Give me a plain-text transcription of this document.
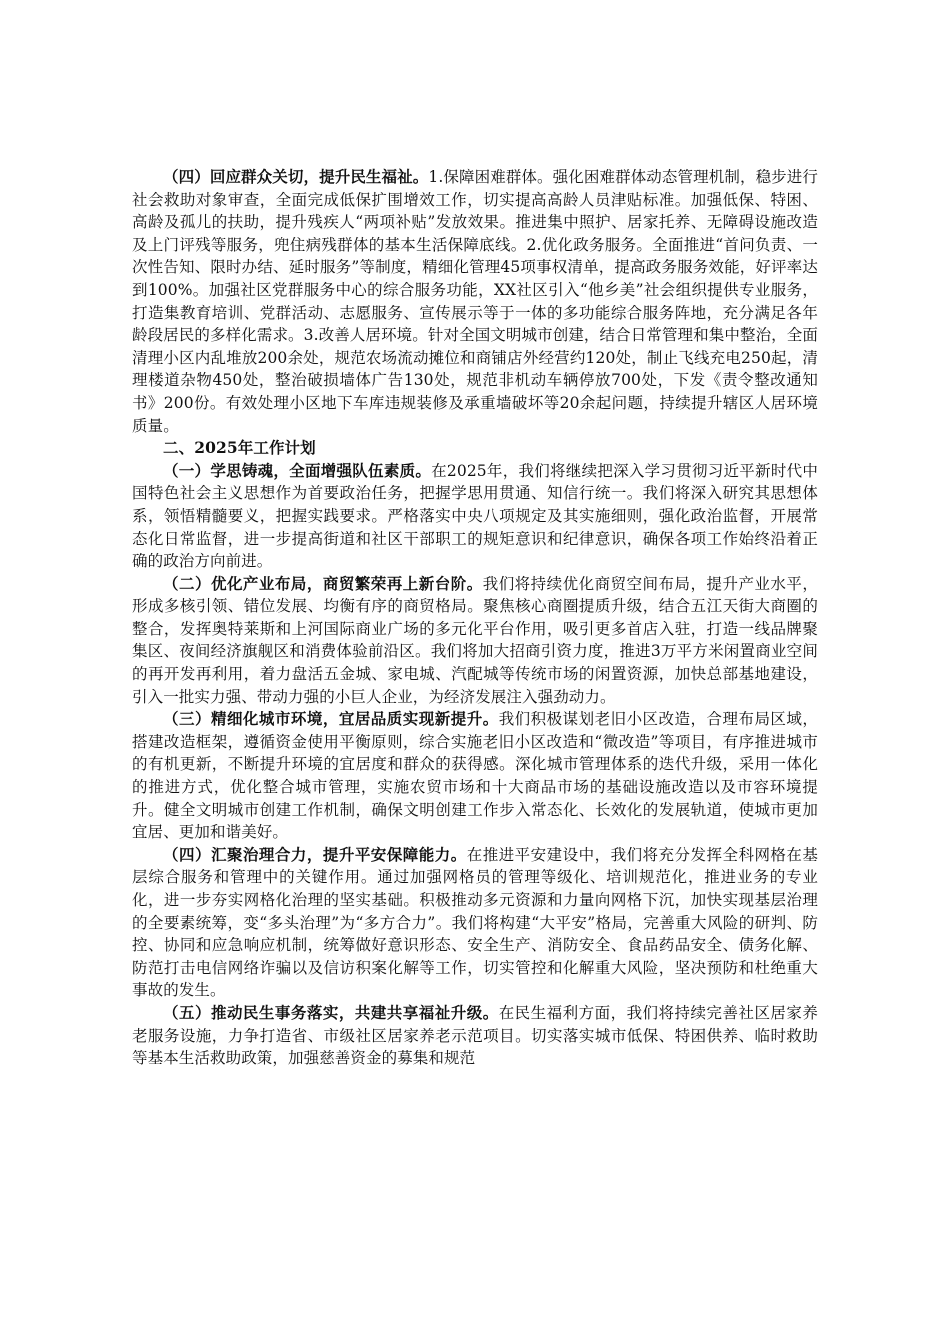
（四）回应群众关切，提升民生福祉。1.保障困难群体。强化困难群体动态管理机制，稳步进行社会救助对象审查，全面完成低保扩围增效工作，切实提高高龄人员津贴标准。加强低保、特困、高龄及孤儿的扶助，提升残疾人“两项补贴”发放效果。推进集中照护、居家托养、无障碍设施改造及上门评残等服务，兜住病残群体的基本生活保障底线。2.优化政务服务。全面推进“首问负责、一次性告知、限时办结、延时服务”等制度，精细化管理45项事权清单，提高政务服务效能，好评率达到100%。加强社区党群服务中心的综合服务功能，XX社区引入“他乡美”社会组织提供专业服务，打造集教育培训、党群活动、志愿服务、宣传展示等于一体的多功能综合服务阵地，充分满足各年龄段居民的多样化需求。3.改善人居环境。针对全国文明城市创建，结合日常管理和集中整治，全面清理小区内乱堆放200余处，规范农场流动摊位和商铺店外经营约120处，制止飞线充电250起，清理楼道杂物450处，整治破损墙体广告130处，规范非机动车辆停放700处，下发《责令整改通知书》200份。有效处理小区地下车库违规装修及承重墙破坏等20余起问题，持续提升辖区人居环境质量。

二、2025年工作计划

（一）学思铸魂，全面增强队伍素质。在2025年，我们将继续把深入学习贯彻习近平新时代中国特色社会主义思想作为首要政治任务，把握学思用贯通、知信行统一。我们将深入研究其思想体系，领悟精髓要义，把握实践要求。严格落实中央八项规定及其实施细则，强化政治监督，开展常态化日常监督，进一步提高街道和社区干部职工的规矩意识和纪律意识，确保各项工作始终沿着正确的政治方向前进。

（二）优化产业布局，商贸繁荣再上新台阶。我们将持续优化商贸空间布局，提升产业水平，形成多核引领、错位发展、均衡有序的商贸格局。聚焦核心商圈提质升级，结合五江天街大商圈的整合，发挥奥特莱斯和上河国际商业广场的多元化平台作用，吸引更多首店入驻，打造一线品牌聚集区、夜间经济旗舰区和消费体验前沿区。我们将加大招商引资力度，推进3万平方米闲置商业空间的再开发再利用，着力盘活五金城、家电城、汽配城等传统市场的闲置资源，加快总部基地建设，引入一批实力强、带动力强的小巨人企业，为经济发展注入强劲动力。

（三）精细化城市环境，宜居品质实现新提升。我们积极谋划老旧小区改造，合理布局区域，搭建改造框架，遵循资金使用平衡原则，综合实施老旧小区改造和“微改造”等项目，有序推进城市的有机更新，不断提升环境的宜居度和群众的获得感。深化城市管理体系的迭代升级，采用一体化的推进方式，优化整合城市管理，实施农贸市场和十大商品市场的基础设施改造以及市容环境提升。健全文明城市创建工作机制，确保文明创建工作步入常态化、长效化的发展轨道，使城市更加宜居、更加和谐美好。

（四）汇聚治理合力，提升平安保障能力。在推进平安建设中，我们将充分发挥全科网格在基层综合服务和管理中的关键作用。通过加强网格员的管理等级化、培训规范化，推进业务的专业化，进一步夯实网格化治理的坚实基础。积极推动多元资源和力量向网格下沉，加快实现基层治理的全要素统筹，变“多头治理”为“多方合力”。我们将构建“大平安”格局，完善重大风险的研判、防控、协同和应急响应机制，统筹做好意识形态、安全生产、消防安全、食品药品安全、债务化解、防范打击电信网络诈骗以及信访积案化解等工作，切实管控和化解重大风险，坚决预防和杜绝重大事故的发生。

（五）推动民生事务落实，共建共享福祉升级。在民生福利方面，我们将持续完善社区居家养老服务设施，力争打造省、市级社区居家养老示范项目。切实落实城市低保、特困供养、临时救助等基本生活救助政策，加强慈善资金的募集和规范
